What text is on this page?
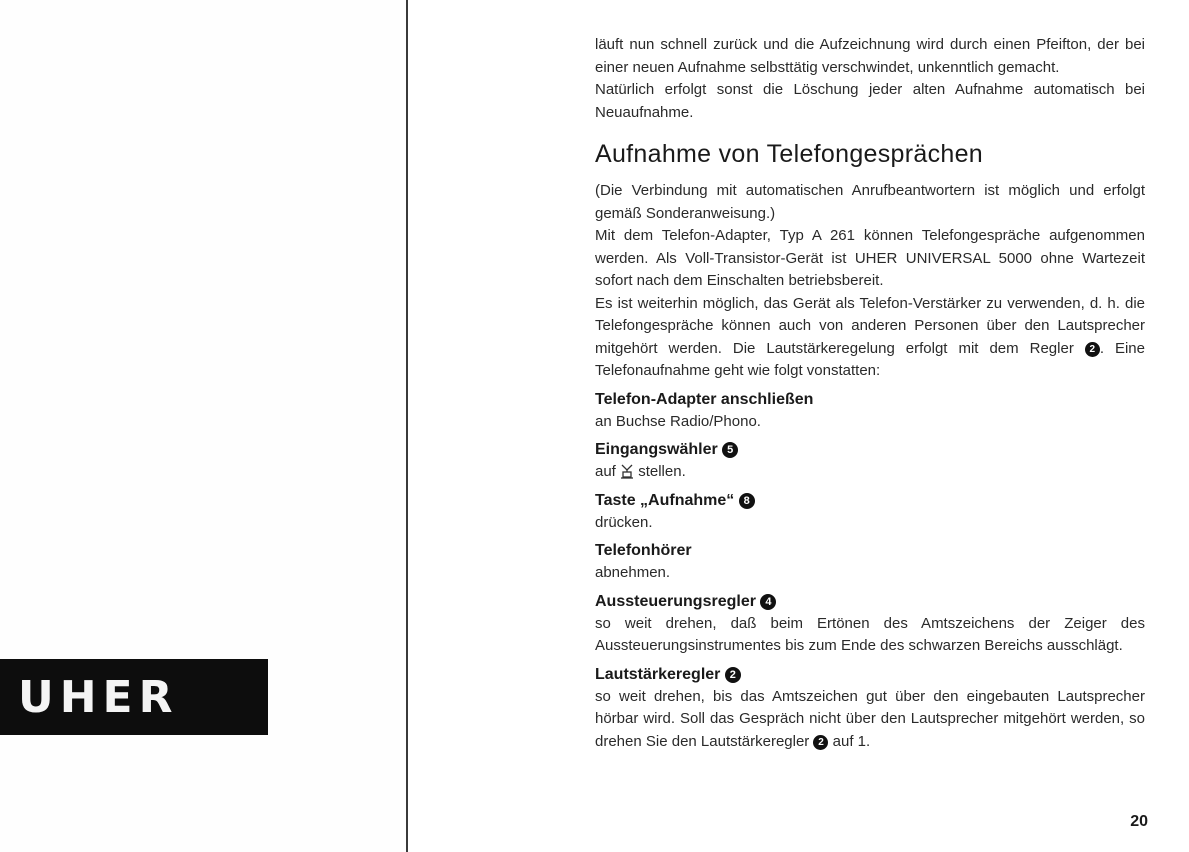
UHER

läuft nun schnell zurück und die Aufzeichnung wird durch einen Pfeifton, der bei einer neuen Aufnahme selbsttätig verschwindet, unkenntlich gemacht.

Natürlich erfolgt sonst die Löschung jeder alten Aufnahme automatisch bei Neuaufnahme.

Aufnahme von Telefongesprächen

(Die Verbindung mit automatischen Anrufbeantwortern ist möglich und erfolgt gemäß Sonderanweisung.)

Mit dem Telefon-Adapter, Typ A 261 können Telefongespräche aufgenommen werden. Als Voll-Transistor-Gerät ist UHER UNIVERSAL 5000 ohne Wartezeit sofort nach dem Einschalten betriebsbereit.

Es ist weiterhin möglich, das Gerät als Telefon-Verstärker zu verwenden, d. h. die Telefongespräche können auch von anderen Personen über den Lautsprecher mitgehört werden. Die Lautstärkeregelung erfolgt mit dem Regler 2 . Eine Telefonaufnahme geht wie folgt vonstatten:

Telefon-Adapter anschließen

an Buchse Radio/Phono.

Eingangswähler 5

auf stellen.

Taste „Aufnahme“ 8

drücken.

Telefonhörer

abnehmen.

Aussteuerungsregler 4

so weit drehen, daß beim Ertönen des Amtszeichens der Zeiger des Aussteuerungsinstrumentes bis zum Ende des schwarzen Bereichs ausschlägt.

Lautstärkeregler 2

so weit drehen, bis das Amtszeichen gut über den eingebauten Lautsprecher hörbar wird. Soll das Gespräch nicht über den Lautsprecher mitgehört werden, so drehen Sie den Lautstärkeregler 2 auf 1.

20
